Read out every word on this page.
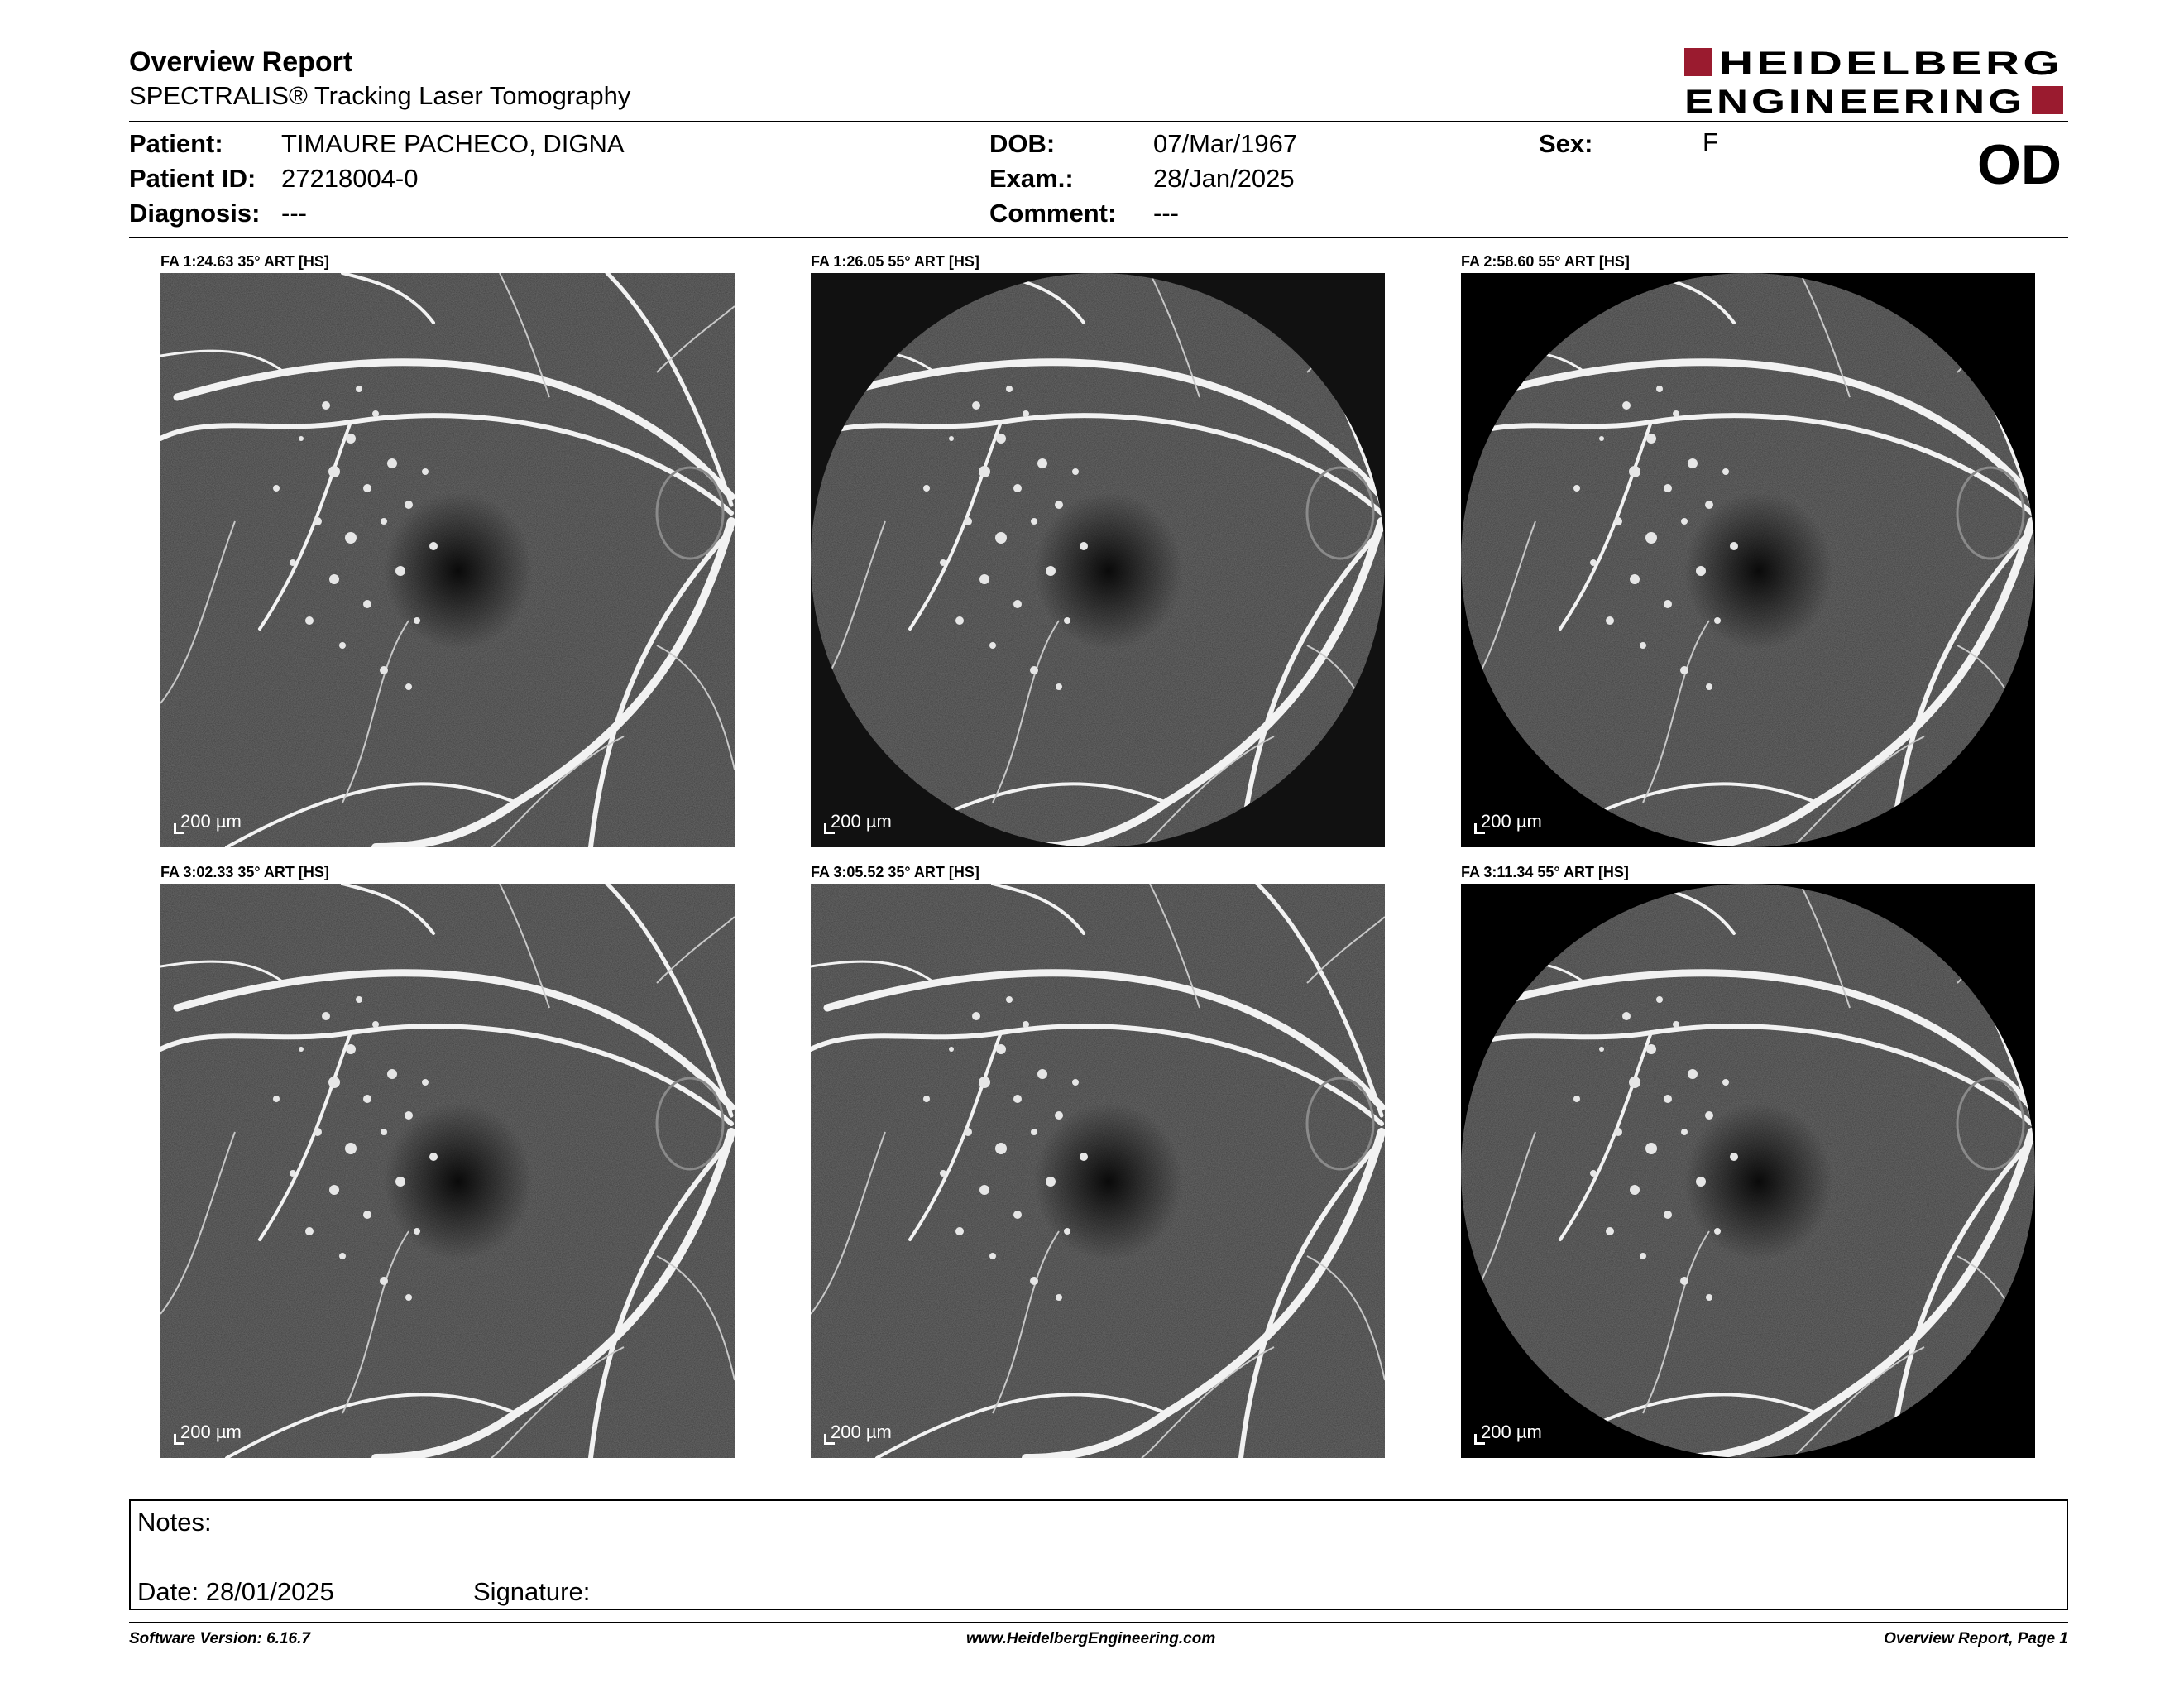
Overview Report
SPECTRALIS® Tracking Laser Tomography
HEIDELBERG
ENGINEERING
Patient: TIMAURE PACHECO, DIGNA
Patient ID: 27218004-0
Diagnosis: ---
DOB:	07/Mar/1967
Exam.:	28/Jan/2025
Comment: ---
Sex:	F	OD
FA 1:24.63 35° ART [HS]
200 µm
FA 1:26.05 55° ART [HS]
200 µm
FA 2:58.60 55° ART [HS]
200 µm
FA 3:02.33 35° ART [HS]
200 µm
FA 3:05.52 35° ART [HS]
200 µm
FA 3:11.34 55° ART [HS]
200 µm
Notes:
Date: 28/01/2025	Signature:
Software Version: 6.16.7	www.HeidelbergEngineering.com	Overview Report, Page 1
